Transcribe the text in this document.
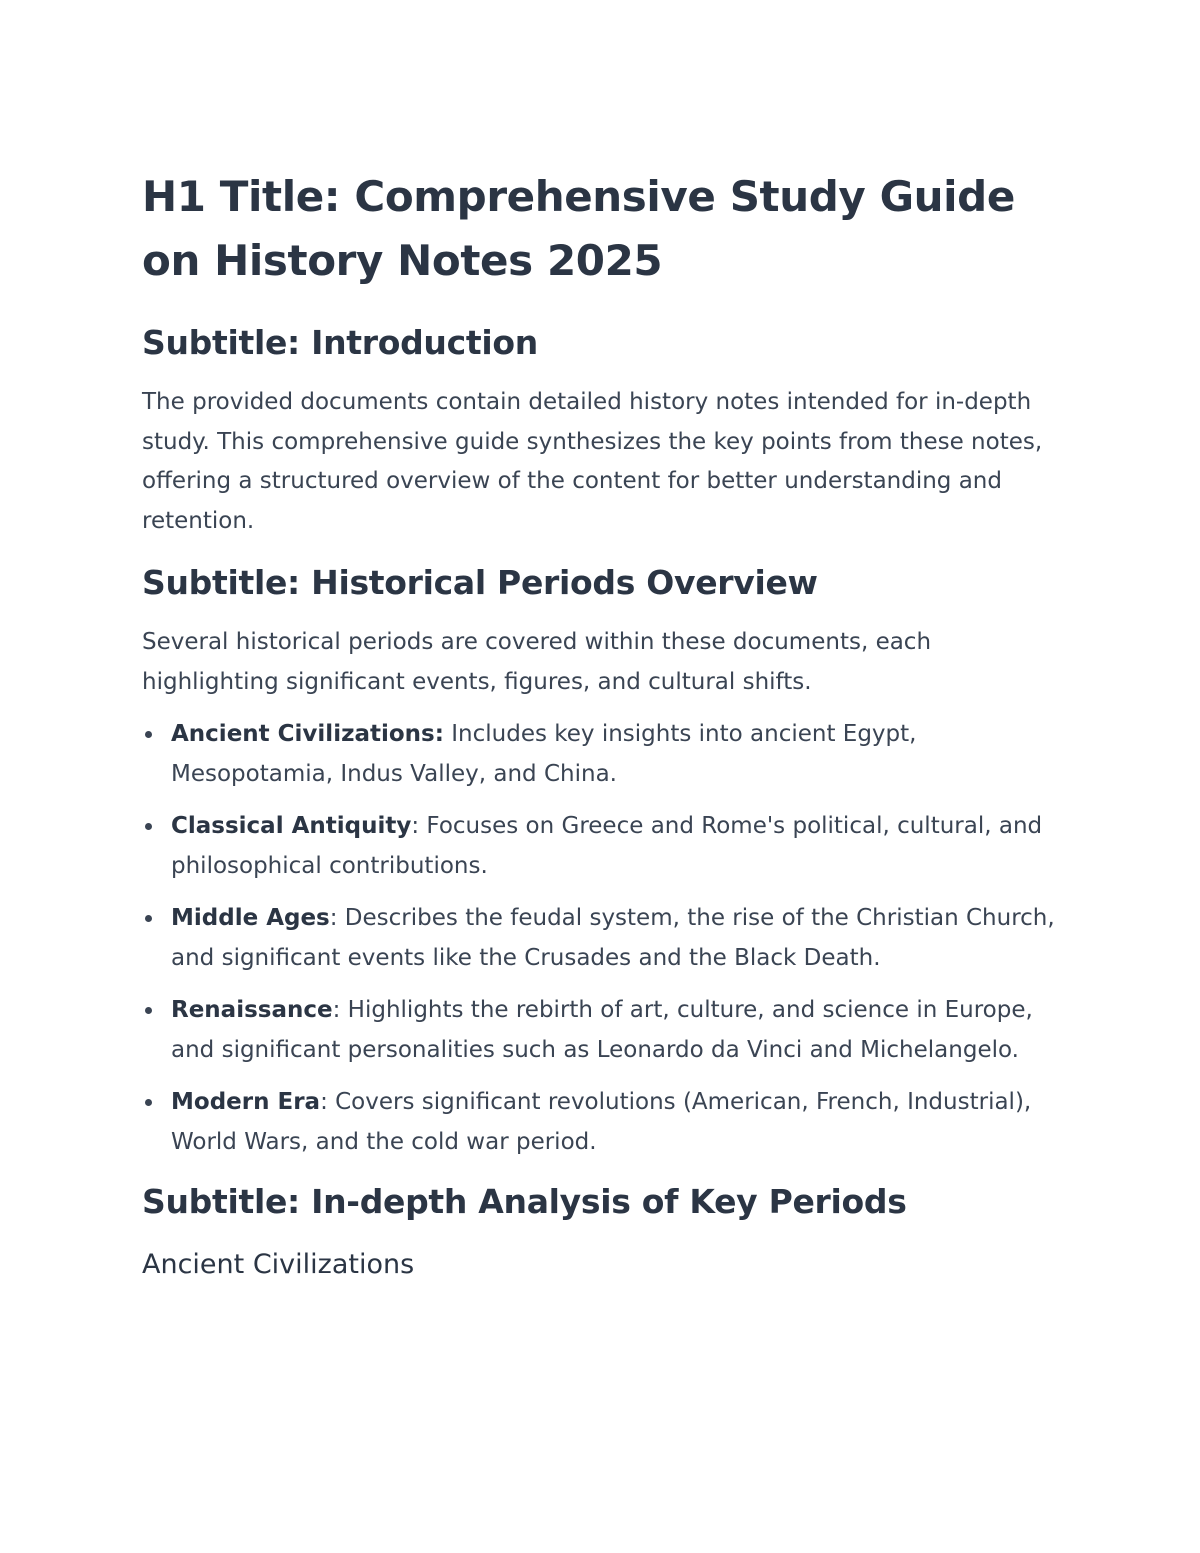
H1 Title: Comprehensive Study Guide on History Notes 2025
Subtitle: Introduction

The provided documents contain detailed history notes intended for in-depth study. This comprehensive guide synthesizes the key points from these notes, offering a structured overview of the content for better understanding and retention.

Subtitle: Historical Periods Overview

Several historical periods are covered within these documents, each highlighting significant events, figures, and cultural shifts.

Ancient Civilizations: Includes key insights into ancient Egypt, Mesopotamia, Indus Valley, and China.
Classical Antiquity: Focuses on Greece and Rome's political, cultural, and philosophical contributions.
Middle Ages: Describes the feudal system, the rise of the Christian Church, and significant events like the Crusades and the Black Death.
Renaissance: Highlights the rebirth of art, culture, and science in Europe, and significant personalities such as Leonardo da Vinci and Michelangelo.
Modern Era: Covers significant revolutions (American, French, Industrial), World Wars, and the cold war period.
Subtitle: In-depth Analysis of Key Periods
Ancient Civilizations
